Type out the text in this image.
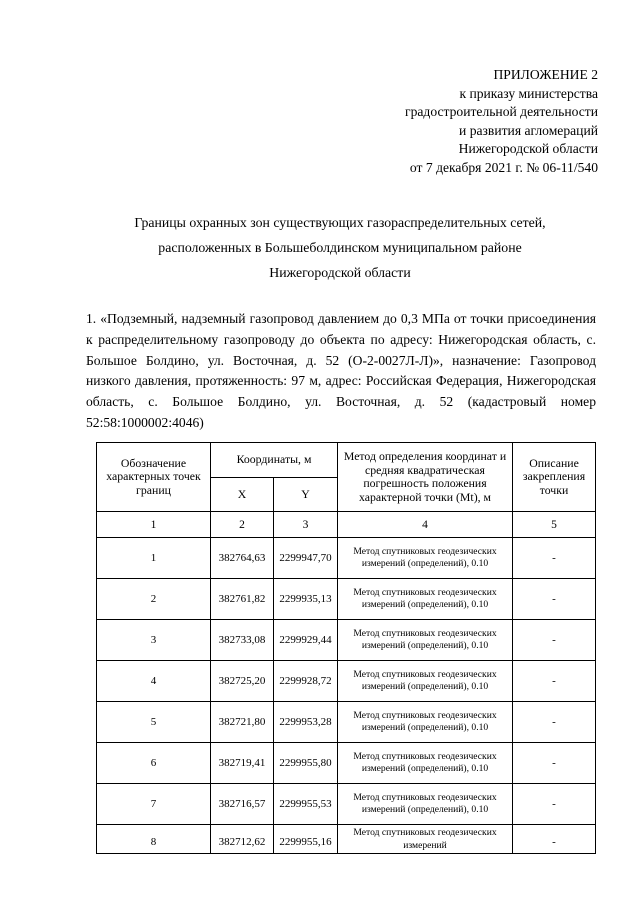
ПРИЛОЖЕНИЕ 2
к приказу министерства
градостроительной деятельности
и развития агломераций
Нижегородской области
от 7 декабря 2021 г. № 06-11/540
Границы охранных зон существующих газораспределительных сетей,
расположенных в Большеболдинском муниципальном районе
Нижегородской области
1. «Подземный, надземный газопровод давлением до 0,3 МПа от точки присоединения к распределительному газопроводу до объекта по адресу: Нижегородская область, с. Большое Болдино, ул. Восточная, д. 52 (О-2-0027Л-Л)», назначение: Газопровод низкого давления, протяженность: 97 м, адрес: Российская Федерация, Нижегородская область, с. Большое Болдино, ул. Восточная, д. 52 (кадастровый номер 52:58:1000002:4046)
Обозначение характерных точек границ	Координаты, м		Метод определения координат и средняя квадратическая погрешность положения характерной точки (Mt), м	Описание закрепления точки
	X	Y		
1	2	3	4	5
1	382764,63	2299947,70	Метод спутниковых геодезических измерений (определений), 0.10	-
2	382761,82	2299935,13	Метод спутниковых геодезических измерений (определений), 0.10	-
3	382733,08	2299929,44	Метод спутниковых геодезических измерений (определений), 0.10	-
4	382725,20	2299928,72	Метод спутниковых геодезических измерений (определений), 0.10	-
5	382721,80	2299953,28	Метод спутниковых геодезических измерений (определений), 0.10	-
6	382719,41	2299955,80	Метод спутниковых геодезических измерений (определений), 0.10	-
7	382716,57	2299955,53	Метод спутниковых геодезических измерений (определений), 0.10	-
8	382712,62	2299955,16	Метод спутниковых геодезических измерений	-
